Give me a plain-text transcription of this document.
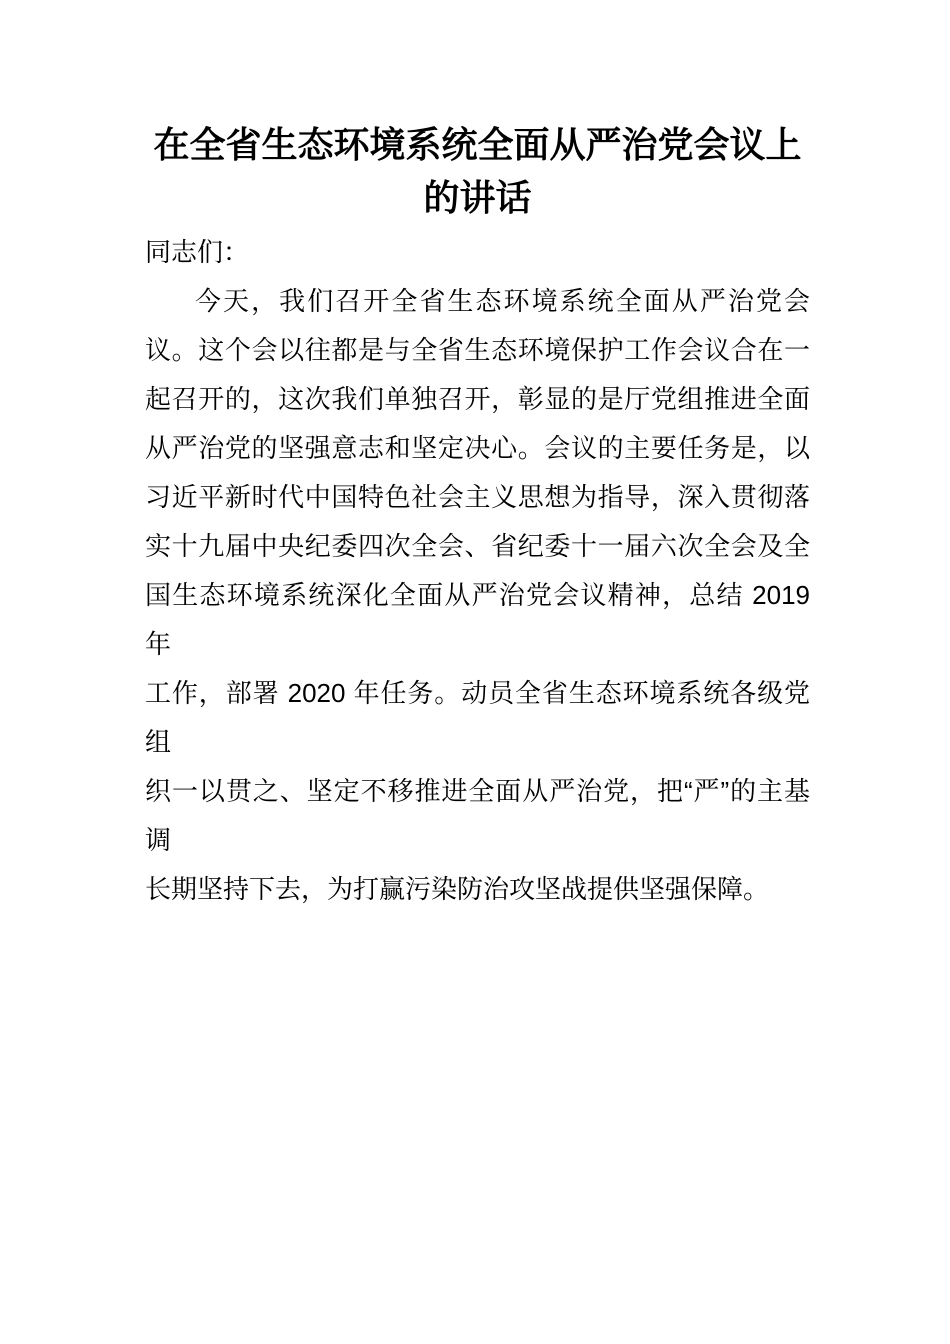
在全省生态环境系统全面从严治党会议上
的讲话

同志们：

今天，我们召开全省生态环境系统全面从严治党会
议。这个会以往都是与全省生态环境保护工作会议合在一
起召开的，这次我们单独召开，彰显的是厅党组推进全面
从严治党的坚强意志和坚定决心。会议的主要任务是，以
习近平新时代中国特色社会主义思想为指导，深入贯彻落
实十九届中央纪委四次全会、省纪委十一届六次全会及全
国生态环境系统深化全面从严治党会议精神，总结 2019 年
工作，部署 2020 年任务。动员全省生态环境系统各级党组
织一以贯之、坚定不移推进全面从严治党，把“严”的主基调
长期坚持下去，为打赢污染防治攻坚战提供坚强保障。
